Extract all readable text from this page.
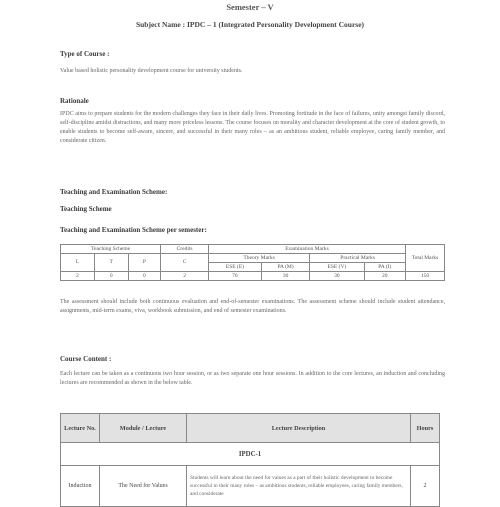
Semester – V
Subject Name : IPDC – 1 (Integrated Personality Development Course)
Type of Course :
Value based holistic personality development course for university students.
Rationale
IPDC aims to prepare students for the modern challenges they face in their daily lives. Promoting fortitude in the face of failures, unity amongst family discord, self-discipline amidst distractions, and many more priceless lessons. The course focuses on morality and character development at the core of student growth, to enable students to become self-aware, sincere, and successful in their many roles – as an ambitious student, reliable employee, caring family member, and considerate citizen.
Teaching and Examination Scheme:
Teaching Scheme
Teaching and Examination Scheme per semester:
Teaching Scheme			Credits	Examination Marks				Total Marks
L	T	P	C	Theory Marks		Practical Marks		
				ESE (E)	PA (M)	ESE (V)	PA (I)	
2	0	0	2	70	30	30	20	150
The assessment should include both continuous evaluation and end-of-semester examinations. The assessment scheme should include student attendance, assignments, mid-term exams, viva, workbook submission, and end of semester examinations.
Course Content :
Each lecture can be taken as a continuous two hour session, or as two separate one hour sessions. In addition to the core lectures, an induction and concluding lectures are recommended as shown in the below table.
Lecture No.	Module / Lecture	Lecture Description	Hours
IPDC-1			
Induction	The Need for Values	Students will learn about the need for values as a part of their holistic development to become successful in their many roles – as ambitious students, reliable employees, caring family members, and considerate	2
